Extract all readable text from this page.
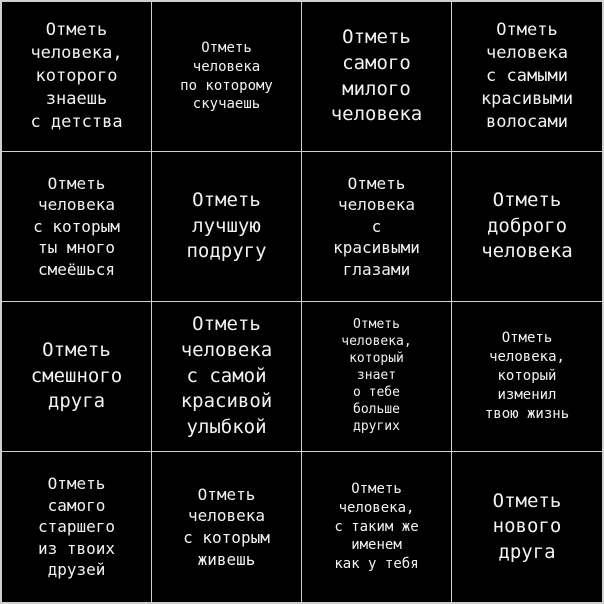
Отметь
человека,
которого
знаешь
с детства
Отметь
человека
по которому
скучаешь
Отметь
самого
милого
человека
Отметь
человека
с самыми
красивыми
волосами
Отметь
человека
с которым
ты много
смеёшься
Отметь
лучшую
подругу
Отметь
человека
с
красивыми
глазами
Отметь
доброго
человека
Отметь
смешного
друга
Отметь
человека
с самой
красивой
улыбкой
Отметь
человека,
который
знает
о тебе
больше
других
Отметь
человека,
который
изменил
твою жизнь
Отметь
самого
старшего
из твоих
друзей
Отметь
человека
с которым
живешь
Отметь
человека,
с таким же
именем
как у тебя
Отметь
нового
друга
